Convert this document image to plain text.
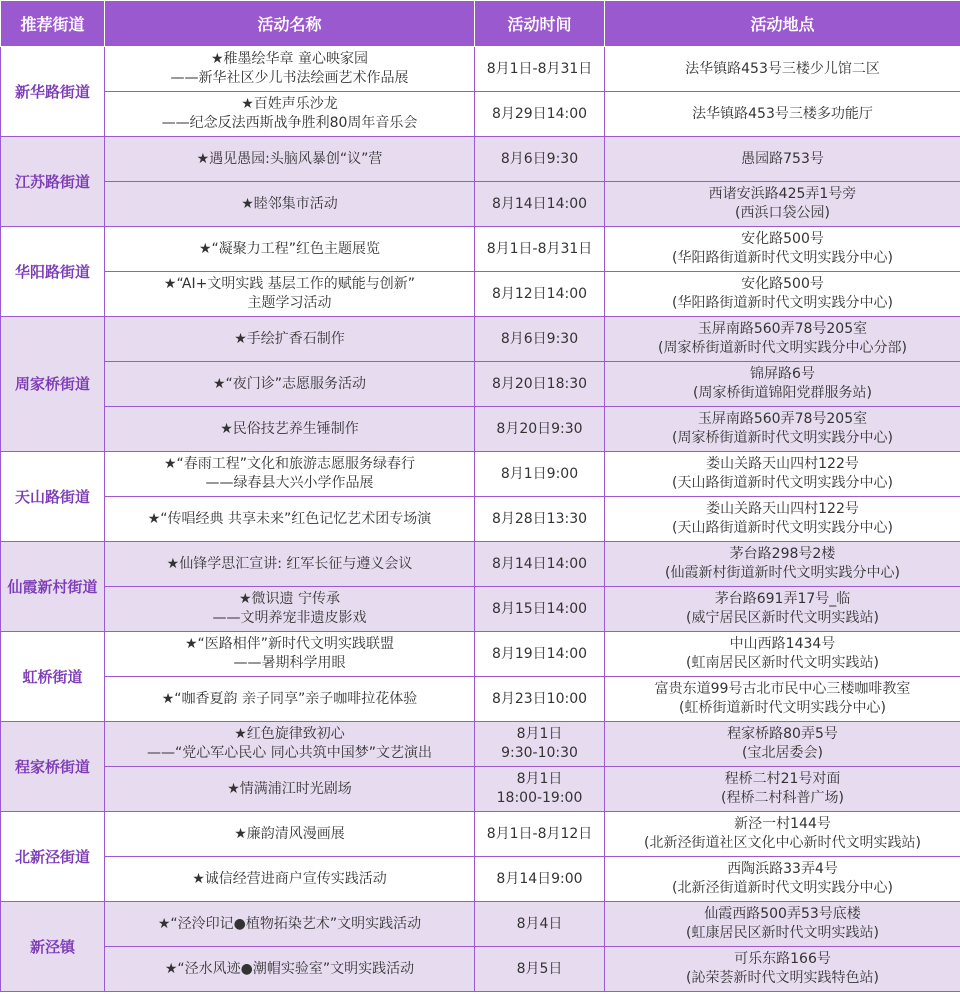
推荐街道	活动名称	活动时间	活动地点
新华路街道	★稚墨绘华章 童心映家园
——新华社区少儿书法绘画艺术作品展	8月1日-8月31日	法华镇路453号三楼少儿馆二区

	★百姓声乐沙龙
——纪念反法西斯战争胜利80周年音乐会	8月29日14:00	法华镇路453号三楼多功能厅

江苏路街道	★遇见愚园:头脑风暴创“议”营	8月6日9:30	愚园路753号

	★睦邻集市活动	8月14日14:00	西诸安浜路425弄1号旁
(西浜口袋公园)

华阳路街道	★“凝聚力工程”红色主题展览	8月1日-8月31日	安化路500号
(华阳路街道新时代文明实践分中心)

	★“AI+文明实践 基层工作的赋能与创新”
主题学习活动	8月12日14:00	安化路500号
(华阳路街道新时代文明实践分中心)

周家桥街道	★手绘扩香石制作	8月6日9:30	玉屏南路560弄78号205室
(周家桥街道新时代文明实践分中心分部)

	★“夜门诊”志愿服务活动	8月20日18:30	锦屏路6号
(周家桥街道锦阳党群服务站)

	★民俗技艺养生锤制作	8月20日9:30	玉屏南路560弄78号205室
(周家桥街道新时代文明实践分中心)

天山路街道	★“春雨工程”文化和旅游志愿服务绿春行
——绿春县大兴小学作品展	8月1日9:00	娄山关路天山四村122号
(天山路街道新时代文明实践分中心)

	★“传唱经典 共享未来”红色记忆艺术团专场演	8月28日13:30	娄山关路天山四村122号
(天山路街道新时代文明实践分中心)

仙霞新村街道	★仙锋学思汇宣讲: 红军长征与遵义会议	8月14日14:00	茅台路298号2楼
(仙霞新村街道新时代文明实践分中心)

	★微识遗 宁传承
——文明养宠非遗皮影戏	8月15日14:00	茅台路691弄17号_临
(威宁居民区新时代文明实践站)

虹桥街道	★“医路相伴”新时代文明实践联盟
——暑期科学用眼	8月19日14:00	中山西路1434号
(虹南居民区新时代文明实践站)

	★“咖香夏韵 亲子同享”亲子咖啡拉花体验	8月23日10:00	富贵东道99号古北市民中心三楼咖啡教室
(虹桥街道新时代文明实践分中心)

程家桥街道	★红色旋律致初心
——“党心军心民心 同心共筑中国梦”文艺演出	8月1日
9:30-10:30	程家桥路80弄5号
(宝北居委会)

	★情满浦江时光剧场	8月1日
18:00-19:00	程桥二村21号对面
(程桥二村科普广场)

北新泾街道	★廉韵清风漫画展	8月1日-8月12日	新泾一村144号
(北新泾街道社区文化中心新时代文明实践站)

	★诚信经营进商户宣传实践活动	8月14日9:00	西陶浜路33弄4号
(北新泾街道新时代文明实践分中心)

新泾镇	★“泾泠印记●植物拓染艺术”文明实践活动	8月4日	仙霞西路500弄53号底楼
(虹康居民区新时代文明实践站)

	★“泾水风迹●潮帽实验室”文明实践活动	8月5日	可乐东路166号
(訫荣荟新时代文明实践特色站)
